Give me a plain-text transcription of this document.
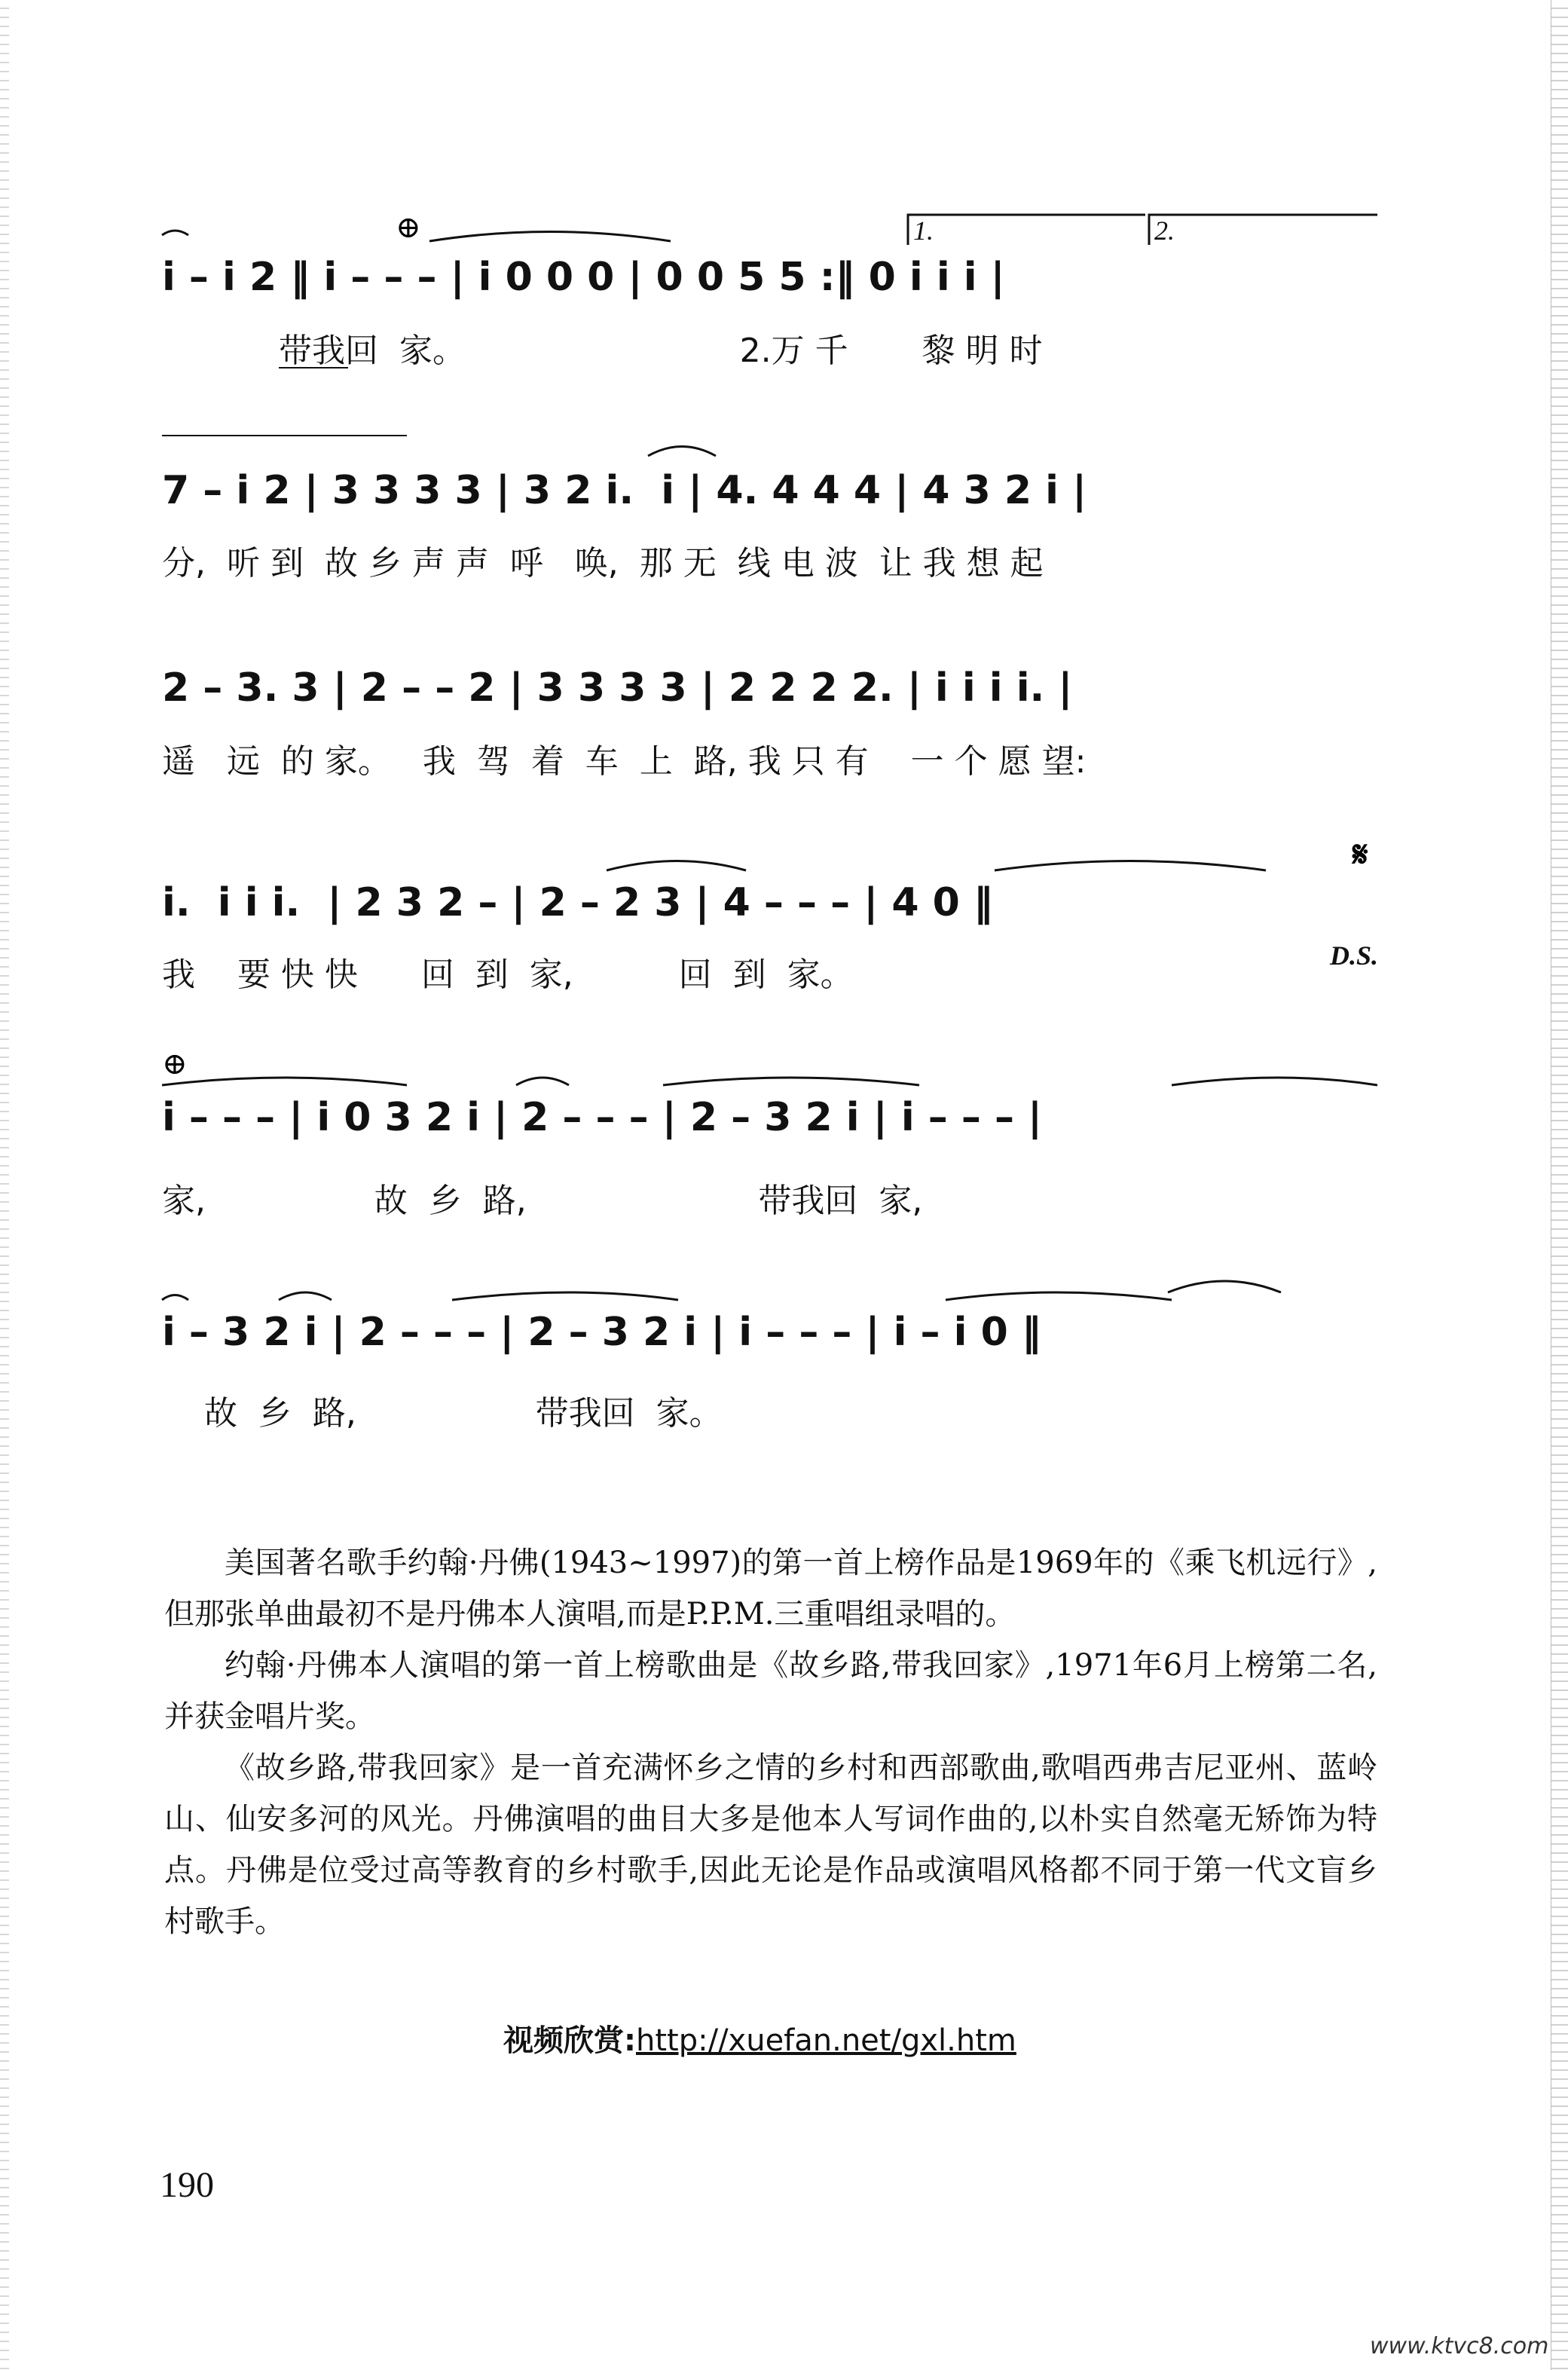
1.	2.
⊕
⊕
𝄋
D.S.
i – i 2 ‖ i – – – | i 0 0 0 | 0 0 5 5 :‖ 0 i i i |
带我回  家。                          2.万 千       黎 明 时
7 – i 2 | 3 3 3 3 | 3 2 i.  i | 4. 4 4 4 | 4 3 2 i |
分,  听 到  故 乡 声 声  呼   唤,  那 无  线 电 波  让 我 想 起
2 – 3. 3 | 2 – – 2 | 3 3 3 3 | 2 2 2 2. | i i i i. |
遥   远  的 家。   我  驾  着  车  上  路, 我 只 有    一 个 愿 望:
i.  i i i.  | 2 3 2 – | 2 – 2 3 | 4 – – – | 4 0 ‖
我    要 快 快      回  到  家,          回  到  家。
i – – – | i 0 3 2 i | 2 – – – | 2 – 3 2 i | i – – – |
家,                故  乡  路,                      带我回  家,
i – 3 2 i | 2 – – – | 2 – 3 2 i | i – – – | i – i 0 ‖
故  乡  路,                 带我回  家。

美国著名歌手约翰·丹佛(1943~1997)的第一首上榜作品是1969年的《乘飞机远行》,但那张单曲最初不是丹佛本人演唱,而是P.P.M.三重唱组录唱的。

约翰·丹佛本人演唱的第一首上榜歌曲是《故乡路,带我回家》,1971年6月上榜第二名,并获金唱片奖。

《故乡路,带我回家》是一首充满怀乡之情的乡村和西部歌曲,歌唱西弗吉尼亚州、蓝岭山、仙安多河的风光。丹佛演唱的曲目大多是他本人写词作曲的,以朴实自然毫无矫饰为特点。丹佛是位受过高等教育的乡村歌手,因此无论是作品或演唱风格都不同于第一代文盲乡村歌手。

视频欣赏:http://xuefan.net/gxl.htm
190
www.ktvc8.com
